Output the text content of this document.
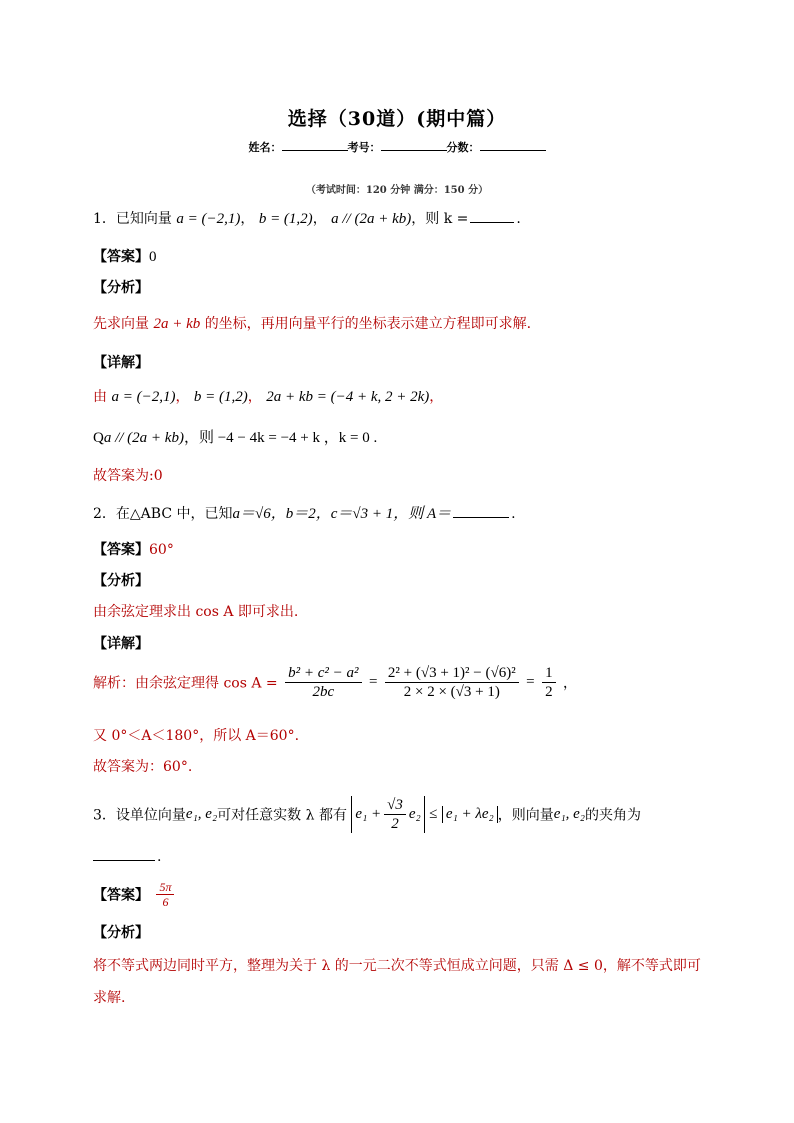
选择（30道）(期中篇）
姓名：	考号：	分数：
（考试时间：120 分钟 满分：150 分）
1．已知向量 a = (−2,1)， b = (1,2)， a // (2a + kb)，则 k =	.
【答案】0
【分析】
先求向量 2a + kb 的坐标，再用向量平行的坐标表示建立方程即可求解.
【详解】
由 a = (−2,1)， b = (1,2)， 2a + kb = (−4 + k, 2 + 2k)，
Qa // (2a + kb)，则 −4 − 4k = −4 + k ，k = 0 .
故答案为:0
2．在△ABC 中，已知a＝√6，b＝2，c＝√3 + 1，则 A＝	.
【答案】60°
【分析】
由余弦定理求出 cos A 即可求出.
【详解】
解析：由余弦定理得 $\cos A = \frac{\text{b² + c² − a²}}{2bc} = \frac{\text{2² + (√3 + 1)² − (√6)²}}{2 \times 2 \times (√3 + 1)} = \frac{1}{2}$ ，
又 0°＜A＜180°，所以 A＝60°.
故答案为：60°.
3．设单位向量e₁, e₂可对任意实数 λ 都有 $e_1 + \frac{√3}{2} e_2 \le e_1 + \lambda e_2$ ，则向量e₁, e₂的夹角为
.
【答案】 $\frac{5\pi}{6}$
【分析】
将不等式两边同时平方，整理为关于 λ 的一元二次不等式恒成立问题，只需 Δ ≤ 0，解不等式即可
求解.
